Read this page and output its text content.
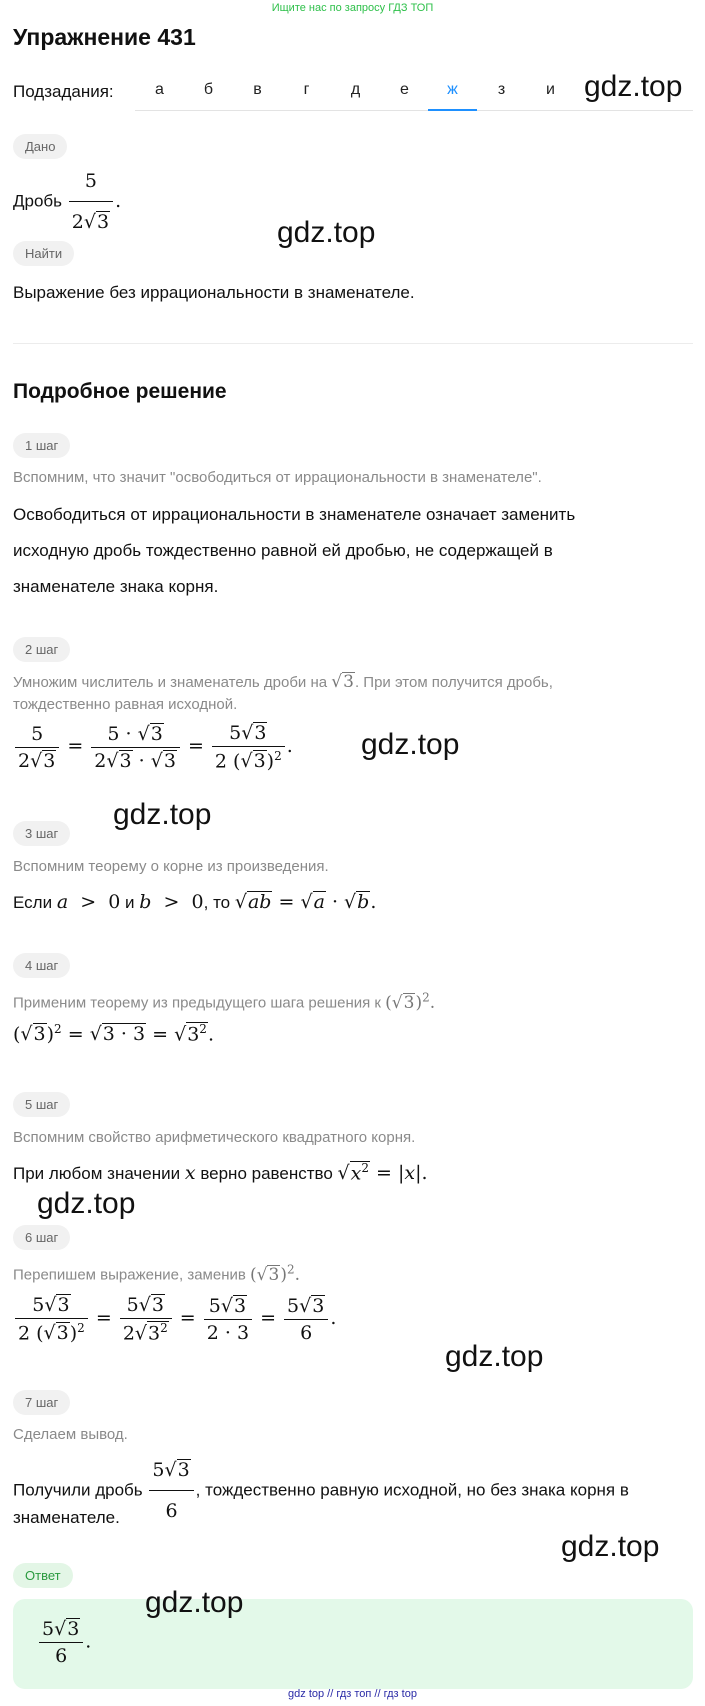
Ищите нас по запросу ГДЗ ТОП
Упражнение 431
Подзадания:	а	б	в	г	д	е	ж	з	и gdz.top
Дано
Дробь $\frac{5}{2√3}$ .
gdz.top
Найти
Выражение без иррациональности в знаменателе.
Подробное решение
1 шаг
Вспомним, что значит "освободиться от иррациональности в знаменателе".
Освободиться от иррациональности в знаменателе означает заменить
исходную дробь тождественно равной ей дробью, не содержащей в
знаменателе знака корня.
2 шаг
Умножим числитель и знаменатель дроби на √3. При этом получится дробь,
тождественно равная исходной.
$\frac{5}{2√3} = \frac{5 \cdot √3}{2√3 \cdot √3} = \frac{5√3}{2 (√3)^2}$ . gdz.top
gdz.top
3 шаг
Вспомним теорему о корне из произведения.
Если a  >  0 и b  >  0, то √ab = √a · √b.
4 шаг
Применим теорему из предыдущего шага решения к $(√3)^2$.
$(√3)^2 = √3 \cdot 3 = √3^2$.
5 шаг
Вспомним свойство арифметического квадратного корня.
При любом значении x верно равенство $√x^2 = |x|$.
gdz.top
6 шаг
Перепишем выражение, заменив $(√3)^2$.
$\frac{5√3}{2 (√3)^2} = \frac{5√3}{2√3^2} = \frac{5√3}{2 \cdot 3} = \frac{5√3}{6}$ .
gdz.top
7 шаг
Сделаем вывод.
Получили дробь $\frac{5√3}{6}$ , тождественно равную исходной, но без знака корня в
знаменателе.
gdz.top
Ответ
$\frac{5√3}{6}$ .
gdz.top
gdz top // гдз топ // гдз top
